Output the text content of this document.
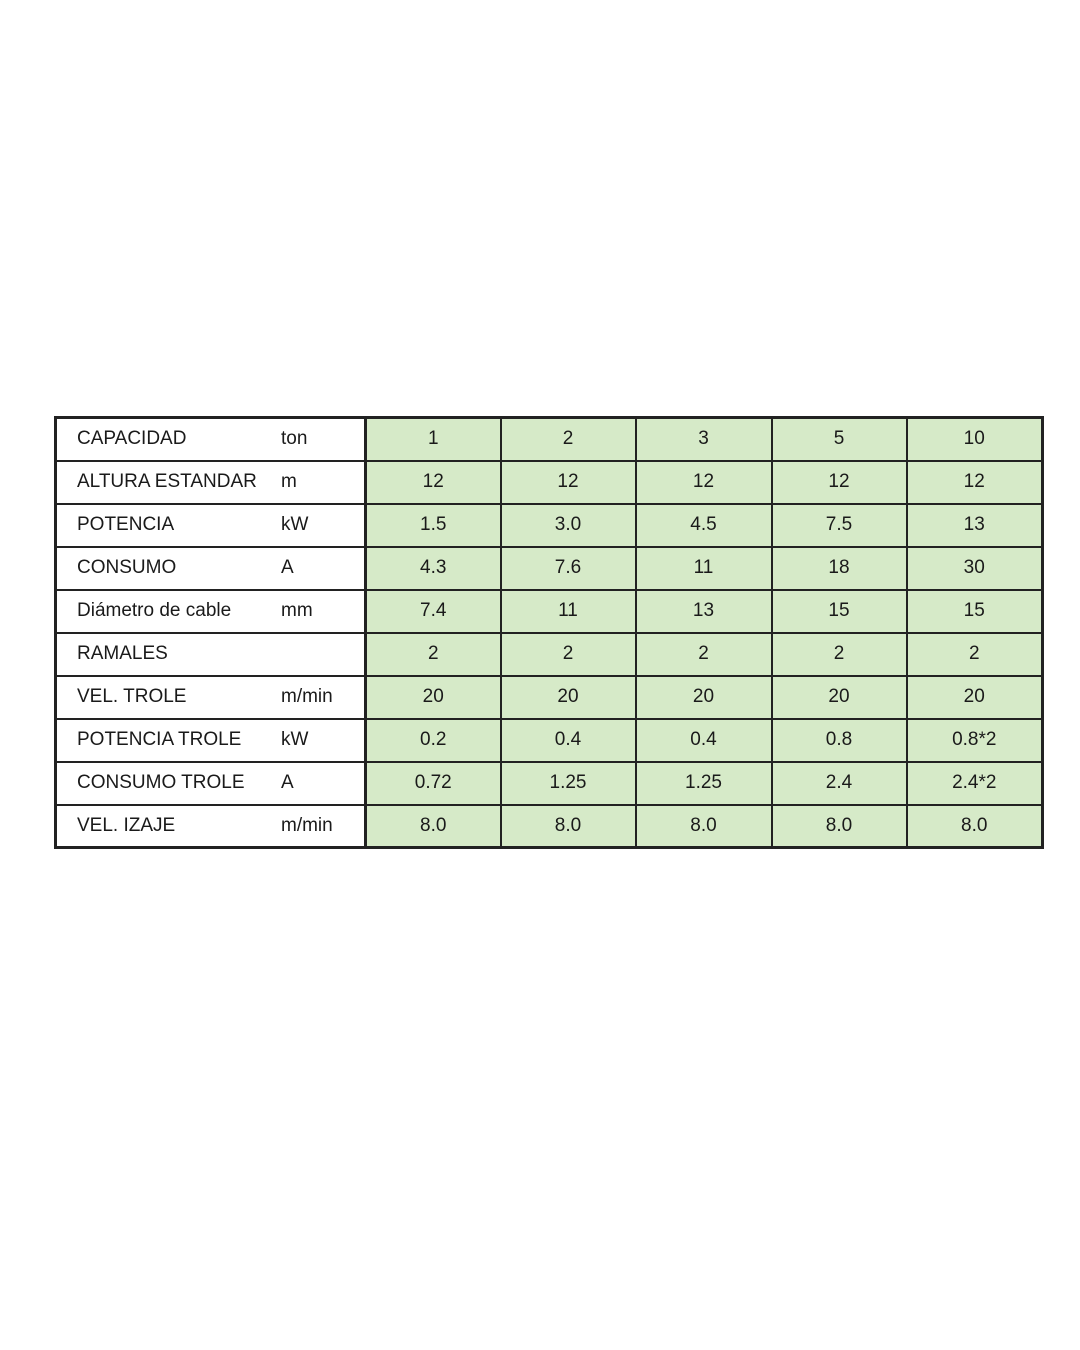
CAPACIDAD ton	1	2	3	5	10

ALTURA ESTANDAR m	12	12	12	12	12

POTENCIA kW	1.5	3.0	4.5	7.5	13

CONSUMO A	4.3	7.6	11	18	30

Diámetro de cable mm	7.4	11	13	15	15

RAMALES	2	2	2	2	2

VEL. TROLE m/min	20	20	20	20	20

POTENCIA TROLE kW	0.2	0.4	0.4	0.8	0.8*2

CONSUMO TROLE A	0.72	1.25	1.25	2.4	2.4*2

VEL. IZAJE m/min	8.0	8.0	8.0	8.0	8.0
